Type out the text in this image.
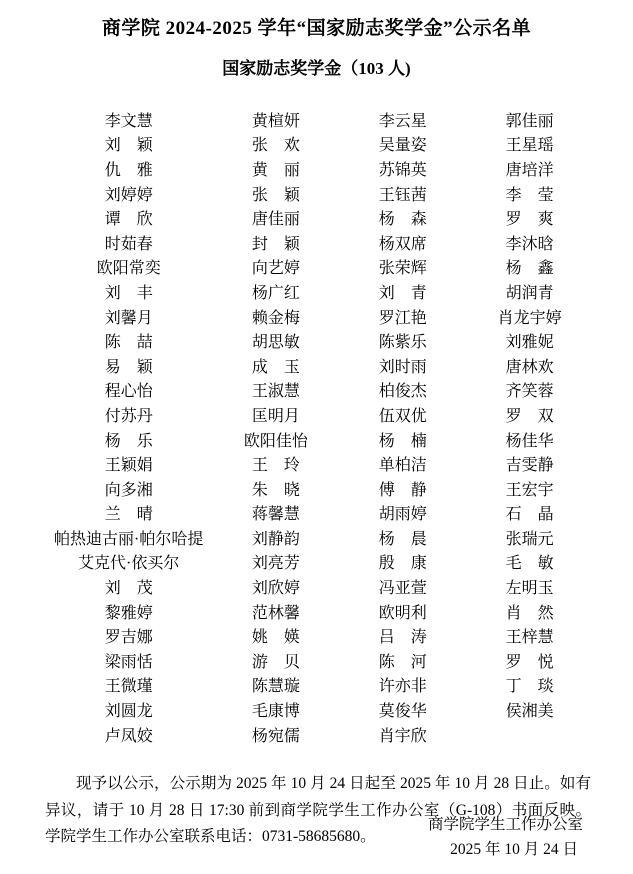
商学院 2024-2025 学年“国家励志奖学金”公示名单
国家励志奖学金（103 人)
李文慧
刘　颖
仇　雅
刘婷婷
谭　欣
时茹春
欧阳常奕
刘　丰
刘馨月
陈　喆
易　颖
程心怡
付苏丹
杨　乐
王颖娟
向多湘
兰　晴
帕热迪古丽·帕尔哈提
艾克代·依买尔
刘　茂
黎雅婷
罗吉娜
梁雨恬
王微瑾
刘圆龙
卢凤姣
黄楦妍
张　欢
黄　丽
张　颖
唐佳丽
封　颖
向艺婷
杨广红
赖金梅
胡思敏
成　玉
王淑慧
匡明月
欧阳佳怡
王　玲
朱　晓
蒋馨慧
刘静韵
刘亮芳
刘欣婷
范林馨
姚　媖
游　贝
陈慧璇
毛康博
杨宛儒
李云星
吴量姿
苏锦英
王钰茜
杨　森
杨双席
张荣辉
刘　青
罗江艳
陈紫乐
刘时雨
柏俊杰
伍双优
杨　楠
单柏洁
傅　静
胡雨婷
杨　晨
殷　康
冯亚萱
欧明利
吕　涛
陈　河
许亦非
莫俊华
肖宇欣
郭佳丽
王星瑶
唐培洋
李　莹
罗　爽
李沐晗
杨　鑫
胡润青
肖龙宇婷
刘雅妮
唐林欢
齐笑蓉
罗　双
杨佳华
吉雯静
王宏宇
石　晶
张瑞元
毛　敏
左明玉
肖　然
王梓慧
罗　悦
丁　琰
侯湘美

现予以公示，公示期为 2025 年 10 月 24 日起至 2025 年 10 月 28 日止。如有异议，请于 10 月 28 日 17:30 前到商学院学生工作办公室（G-108）书面反映。学院学生工作办公室联系电话：0731-58685680。

商学院学生工作办公室
2025 年 10 月 24 日
